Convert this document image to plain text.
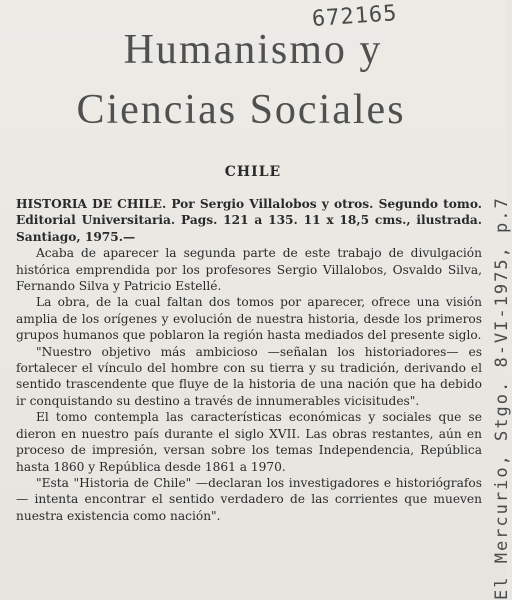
672165
El Mercurio, Stgo. 8-VI-1975, p.7
Humanismo y
Ciencias Sociales
CHILE

HISTORIA DE CHILE. Por Sergio Villalobos y otros. Segundo tomo. Editorial Universitaria. Pags. 121 a 135. 11 x 18,5 cms., ilustrada. Santiago, 1975.—

Acaba de aparecer la segunda parte de este trabajo de divulgación histórica emprendida por los profesores Sergio Villalobos, Osvaldo Silva, Fernando Silva y Patricio Estellé.

La obra, de la cual faltan dos tomos por aparecer, ofrece una visión amplia de los orígenes y evolución de nuestra historia, desde los primeros grupos humanos que poblaron la región hasta mediados del presente siglo.

"Nuestro objetivo más ambicioso —señalan los historiadores— es fortalecer el vínculo del hombre con su tierra y su tradición, derivando el sentido trascendente que fluye de la historia de una nación que ha debido ir conquistando su destino a través de innumerables vicisitudes".

El tomo contempla las características económicas y sociales que se dieron en nuestro país durante el siglo XVII. Las obras restantes, aún en proceso de impresión, versan sobre los temas Independencia, República hasta 1860 y República desde 1861 a 1970.

"Esta "Historia de Chile" —declaran los investigadores e historiógrafos— intenta encontrar el sentido verdadero de las corrientes que mueven nuestra existencia como nación".
